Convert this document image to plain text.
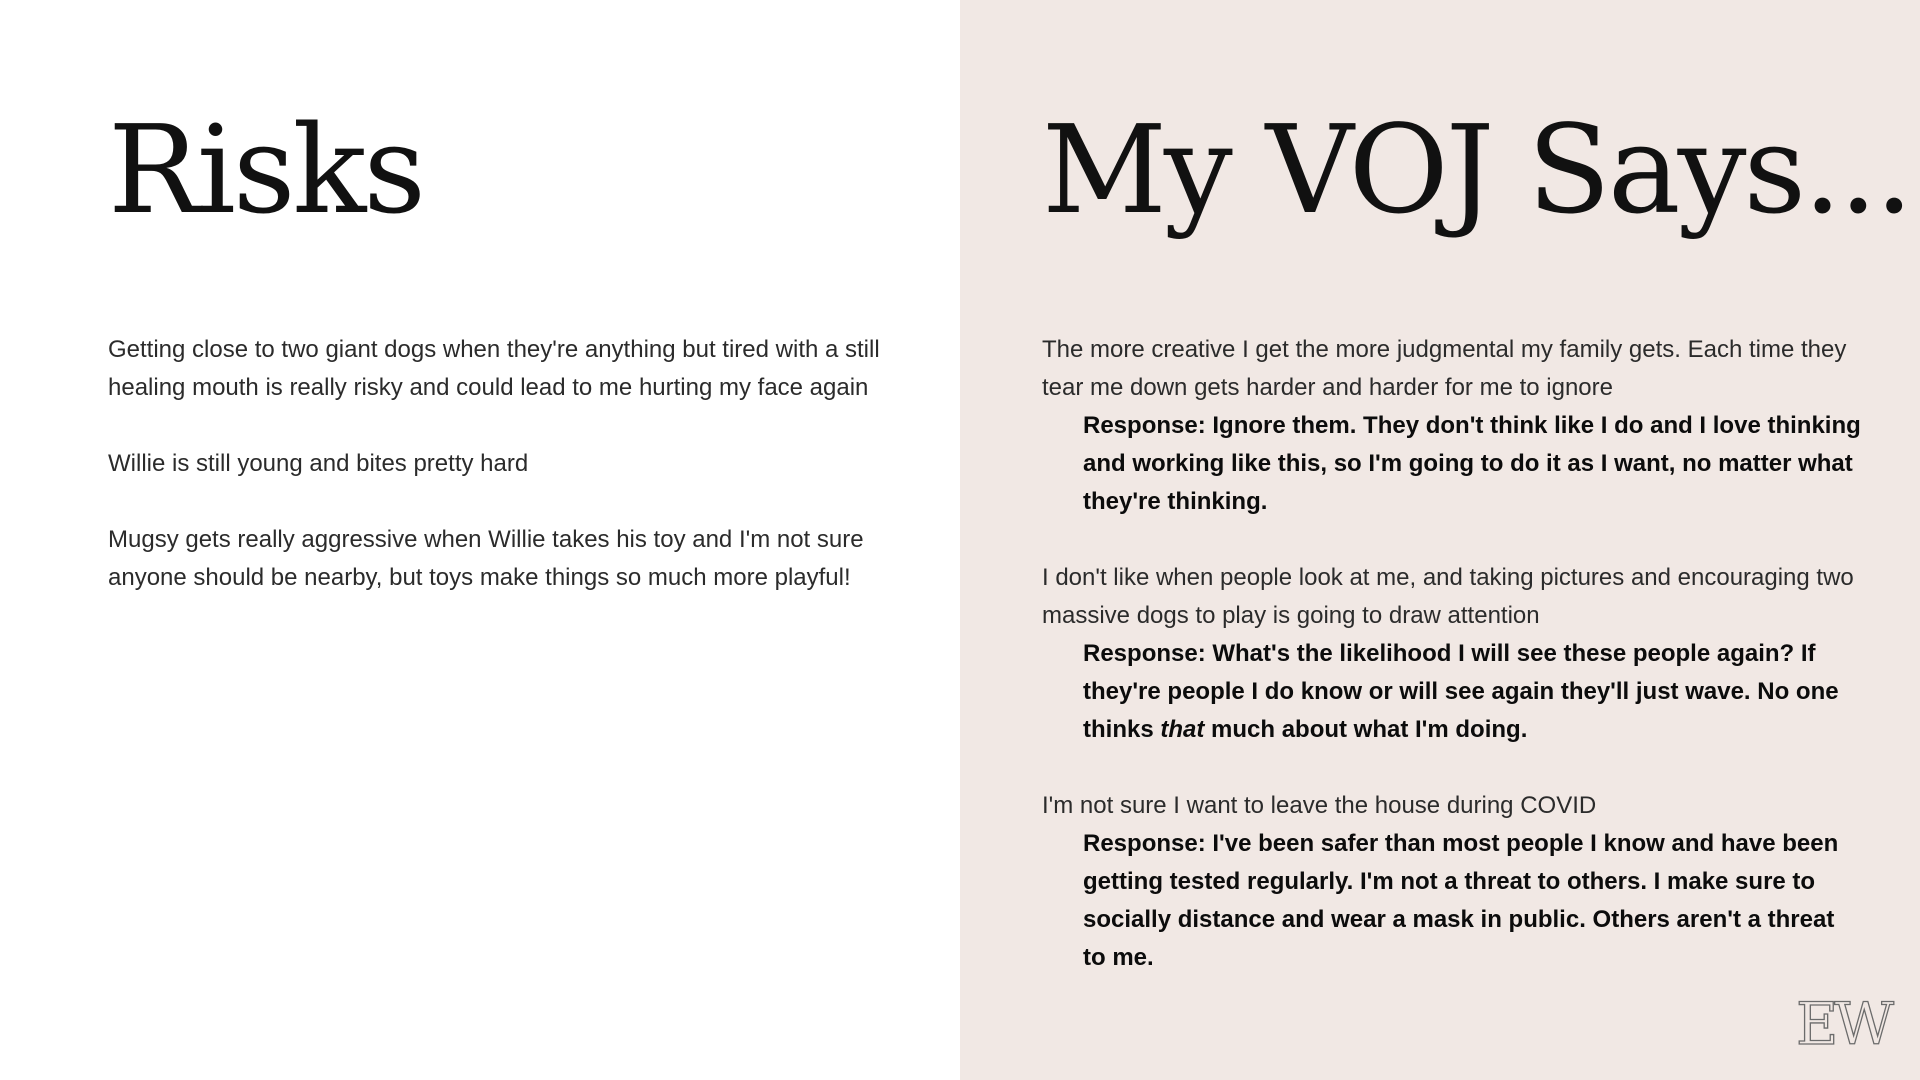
Risks

Getting close to two giant dogs when they're anything but tired with a still healing mouth is really risky and could lead to me hurting my face again

Willie is still young and bites pretty hard

Mugsy gets really aggressive when Willie takes his toy and I'm not sure anyone should be nearby, but toys make things so much more playful!

My VOJ Says...

The more creative I get the more judgmental my family gets. Each time they tear me down gets harder and harder for me to ignore

Response: Ignore them. They don't think like I do and I love thinking and working like this, so I'm going to do it as I want, no matter what they're thinking.

I don't like when people look at me, and taking pictures and encouraging two massive dogs to play is going to draw attention

Response: What's the likelihood I will see these people again? If they're people I do know or will see again they'll just wave. No one thinks that much about what I'm doing.

I'm not sure I want to leave the house during COVID

Response: I've been safer than most people I know and have been getting tested regularly. I'm not a threat to others. I make sure to socially distance and wear a mask in public. Others aren't a threat to me.

EW
